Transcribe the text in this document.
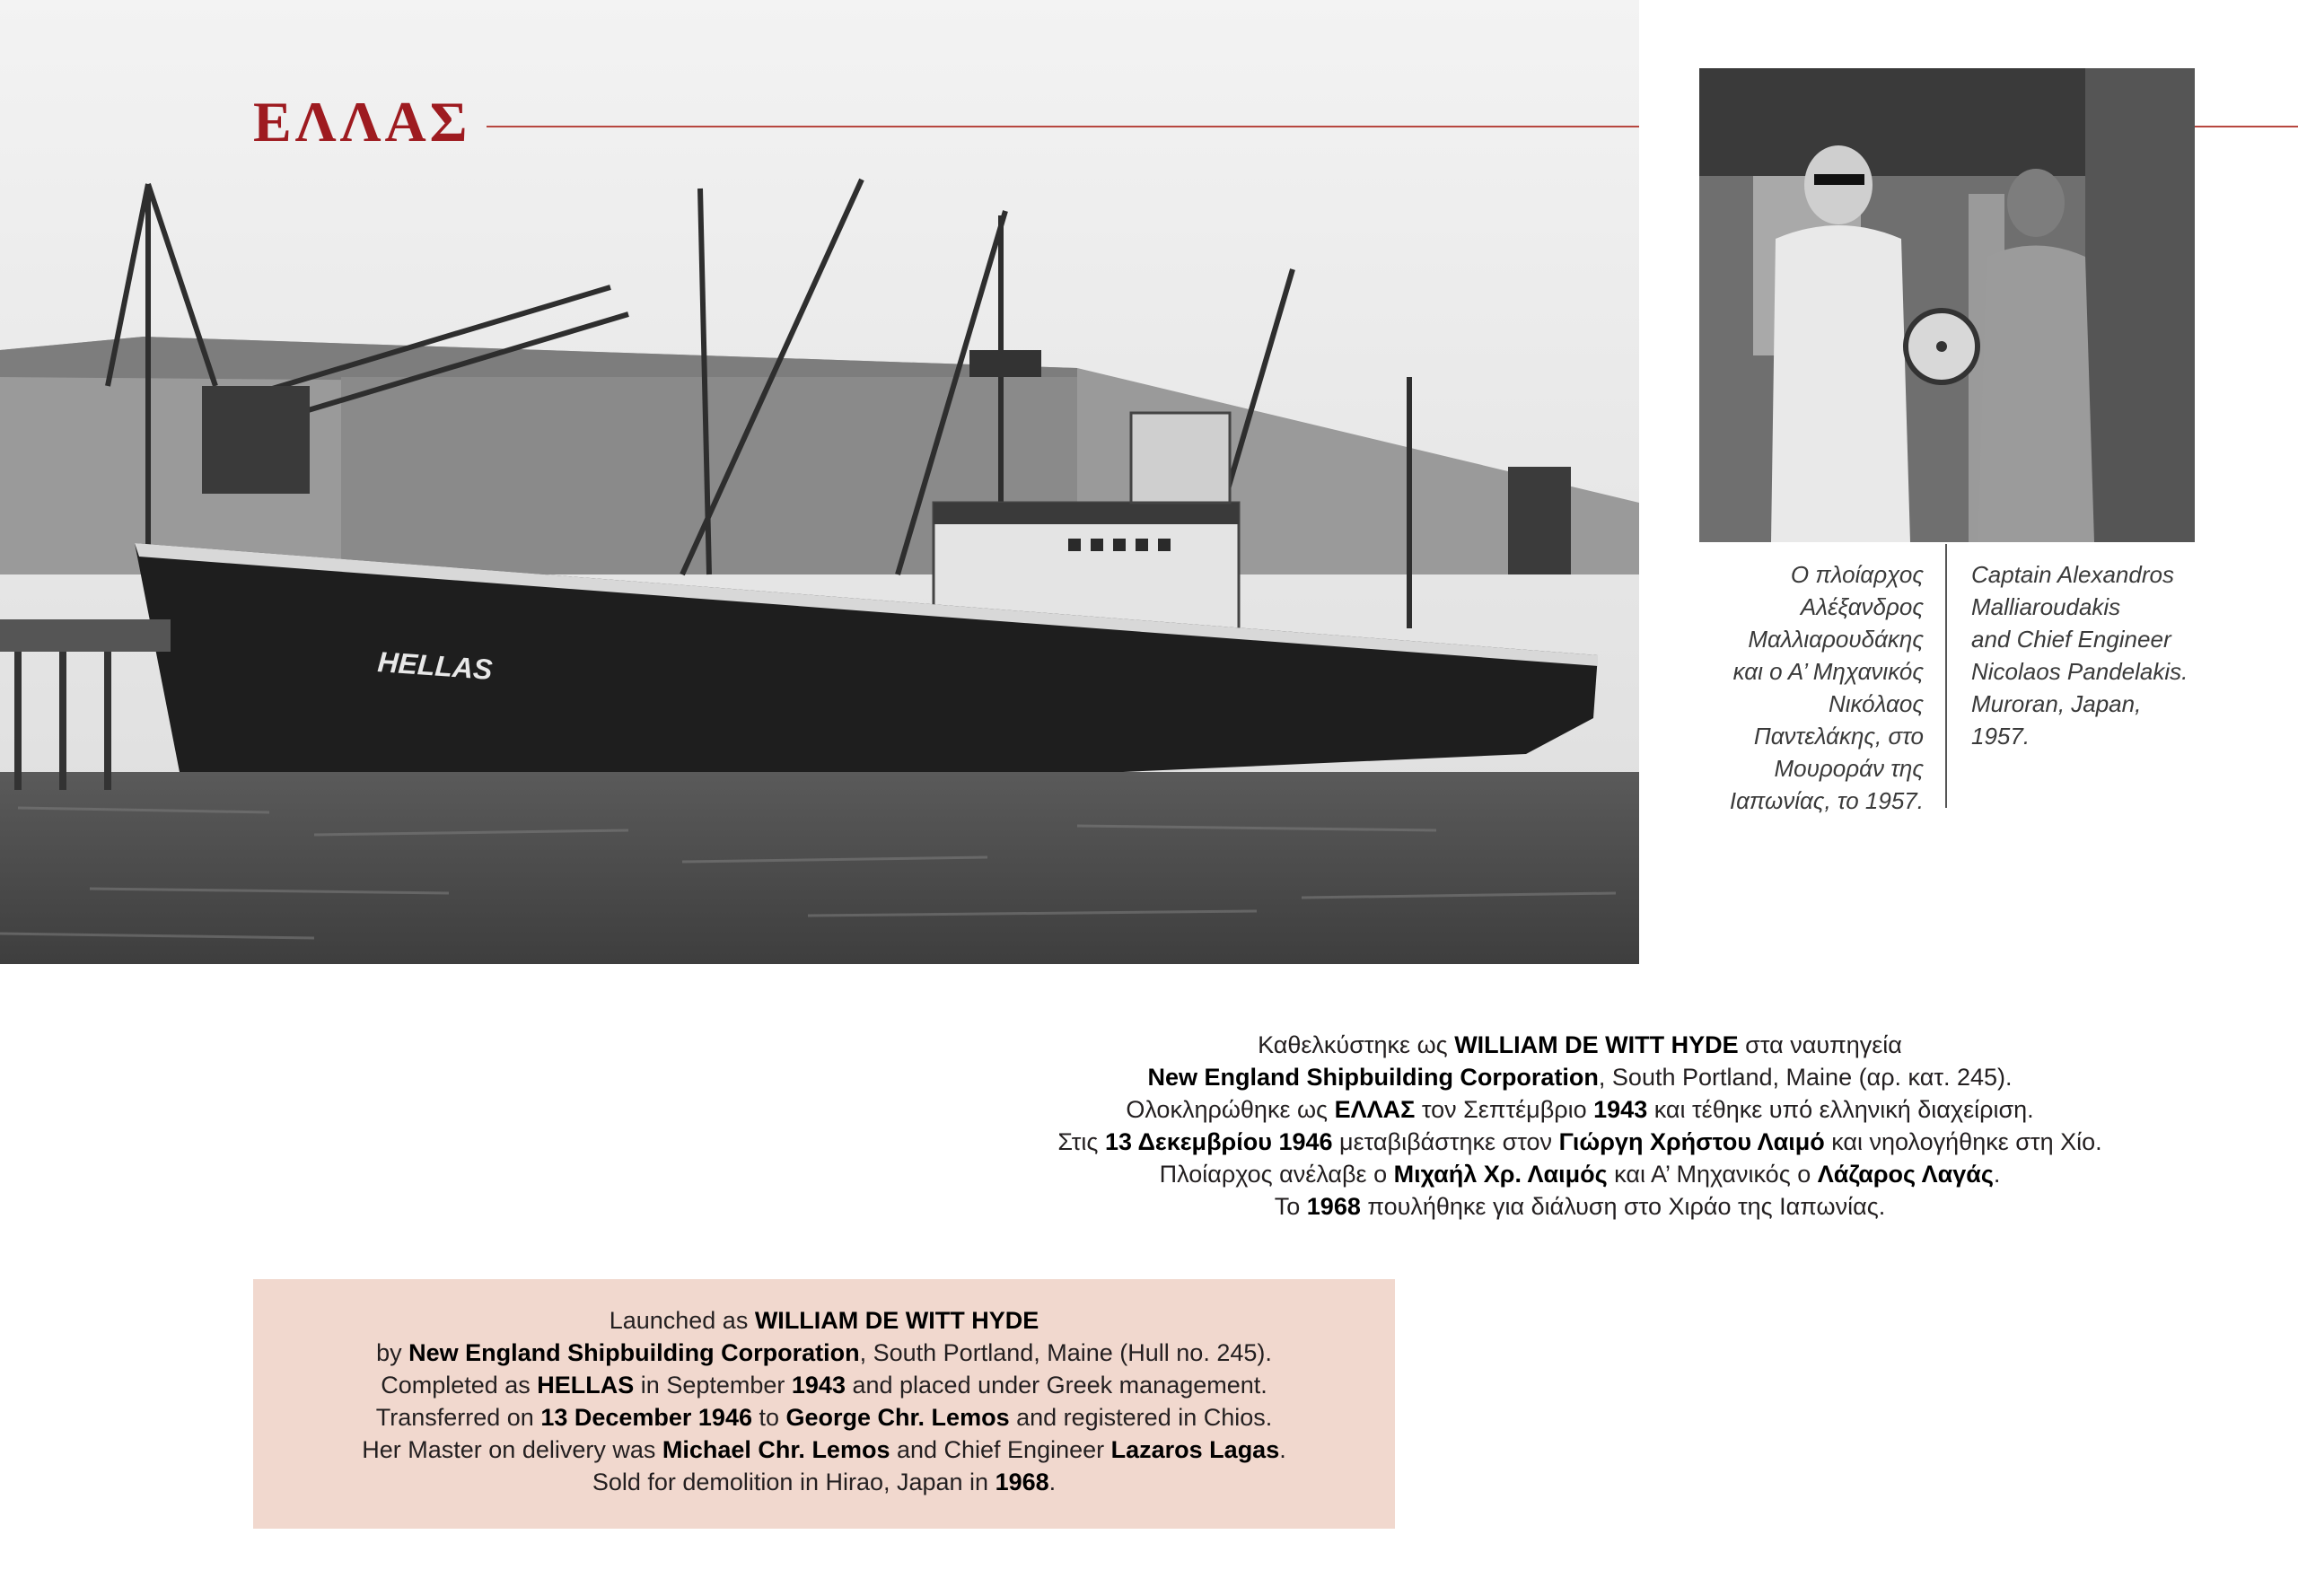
HELLAS
ΕΛΛΑΣ
Ο πλοίαρχος
Αλέξανδρος
Μαλλιαρουδάκης
και ο Α’ Μηχανικός
Νικόλαος
Παντελάκης, στο
Μουροράν της
Ιαπωνίας, το 1957.
Captain Alexandros
Malliaroudakis
and Chief Engineer
Nicolaos Pandelakis.
Muroran, Japan,
1957.
Καθελκύστηκε ως WILLIAM DE WITT HYDE στα ναυπηγεία
New England Shipbuilding Corporation, South Portland, Maine (αρ. κατ. 245).
Ολοκληρώθηκε ως ΕΛΛΑΣ τον Σεπτέμβριο 1943 και τέθηκε υπό ελληνική διαχείριση.
Στις 13 Δεκεμβρίου 1946 μεταβιβάστηκε στον Γιώργη Χρήστου Λαιμό και νηολογήθηκε στη Χίο.
Πλοίαρχος ανέλαβε ο Μιχαήλ Χρ. Λαιμός και Α’ Μηχανικός ο Λάζαρος Λαγάς.
Το 1968 πουλήθηκε για διάλυση στο Χιράο της Ιαπωνίας.
Launched as WILLIAM DE WITT HYDE
by New England Shipbuilding Corporation, South Portland, Maine (Hull no. 245).
Completed as HELLAS in September 1943 and placed under Greek management.
Transferred on 13 December 1946 to George Chr. Lemos and registered in Chios.
Her Master on delivery was Michael Chr. Lemos and Chief Engineer Lazaros Lagas.
Sold for demolition in Hirao, Japan in 1968.
